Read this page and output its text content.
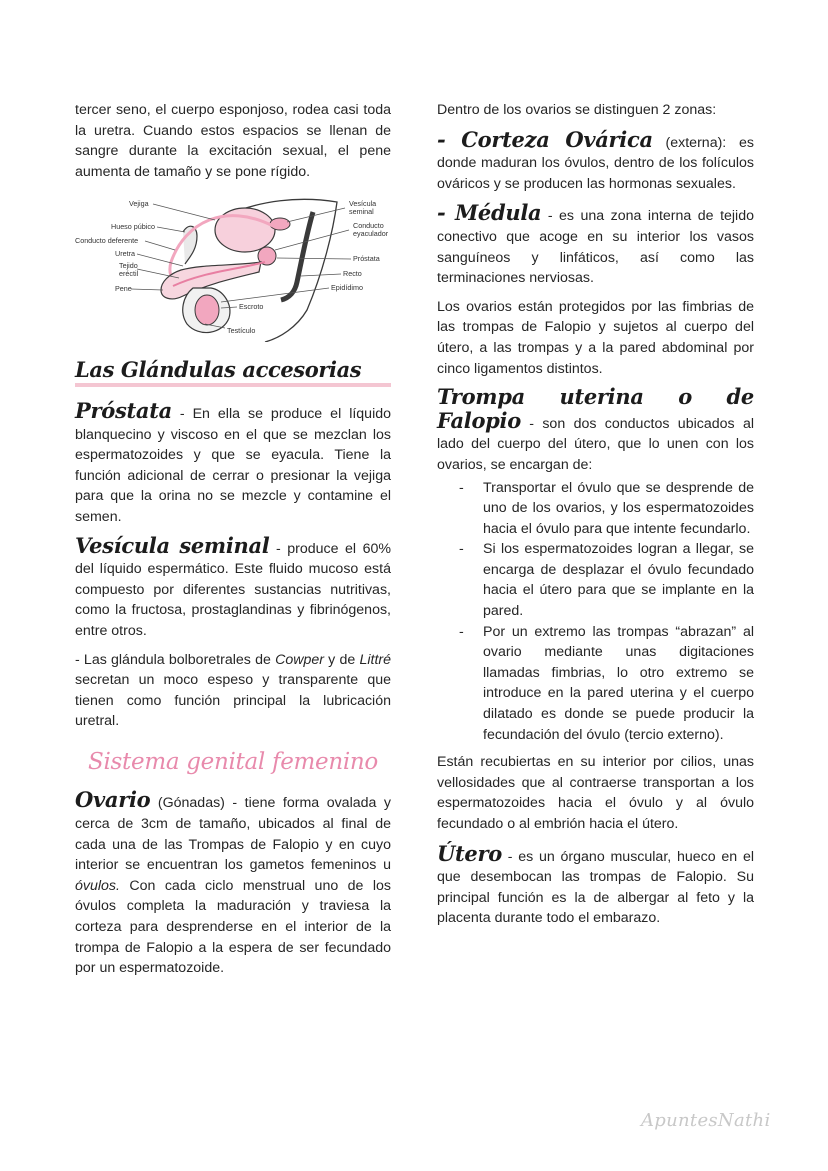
tercer seno, el cuerpo esponjoso, rodea casi toda la uretra. Cuando estos espacios se llenan de sangre durante la excitación sexual, el pene aumenta de tamaño y se pone rígido.

Vejiga
Hueso púbico
Conducto deferente
Uretra
Tejido
eréctil
Pene
Escroto
Testículo
Vesícula
seminal
Conducto
eyaculador
Próstata
Recto
Epidídimo
Las Glándulas accesorias

Próstata - En ella se produce el líquido blanquecino y viscoso en el que se mezclan los espermatozoides y que se eyacula. Tiene la función adicional de cerrar o presionar la vejiga para que la orina no se mezcle y contamine el semen.

Vesícula seminal - produce el 60% del líquido espermático. Este fluido mucoso está compuesto por diferentes sustancias nutritivas, como la fructosa, prostaglandinas y fibrinógenos, entre otros.

- Las glándula bolboretrales de Cowper y de Littré secretan un moco espeso y transparente que tienen como función principal la lubricación uretral.

Sistema genital femenino

Ovario (Gónadas) - tiene forma ovalada y cerca de 3cm de tamaño, ubicados al final de cada una de las Trompas de Falopio y en cuyo interior se encuentran los gametos femeninos u óvulos. Con cada ciclo menstrual uno de los óvulos completa la maduración y traviesa la corteza para desprenderse en el interior de la trompa de Falopio a la espera de ser fecundado por un espermatozoide.

Dentro de los ovarios se distinguen 2 zonas:

- Corteza Ovárica (externa): es donde maduran los óvulos, dentro de los folículos ováricos y se producen las hormonas sexuales.

- Médula - es una zona interna de tejido conectivo que acoge en su interior los vasos sanguíneos y linfáticos, así como las terminaciones nerviosas.

Los ovarios están protegidos por las fimbrias de las trompas de Falopio y sujetos al cuerpo del útero, a las trompas y a la pared abdominal por cinco ligamentos distintos.

Trompa uterina o de Falopio - son dos conductos ubicados al lado del cuerpo del útero, que lo unen con los ovarios, se encargan de:

- Transportar el óvulo que se desprende de uno de los ovarios, y los espermatozoides hacia el óvulo para que intente fecundarlo.
- Si los espermatozoides logran a llegar, se encarga de desplazar el óvulo fecundado hacia el útero para que se implante en la pared.
- Por un extremo las trompas “abrazan” al ovario mediante unas digitaciones llamadas fimbrias, lo otro extremo se introduce en la pared uterina y el cuerpo dilatado es donde se puede producir la fecundación del óvulo (tercio externo).

Están recubiertas en su interior por cilios, unas vellosidades que al contraerse transportan a los espermatozoides hacia el óvulo y al óvulo fecundado o al embrión hacia el útero.

Útero - es un órgano muscular, hueco en el que desembocan las trompas de Falopio. Su principal función es la de albergar al feto y la placenta durante todo el embarazo.

ApuntesNathi
